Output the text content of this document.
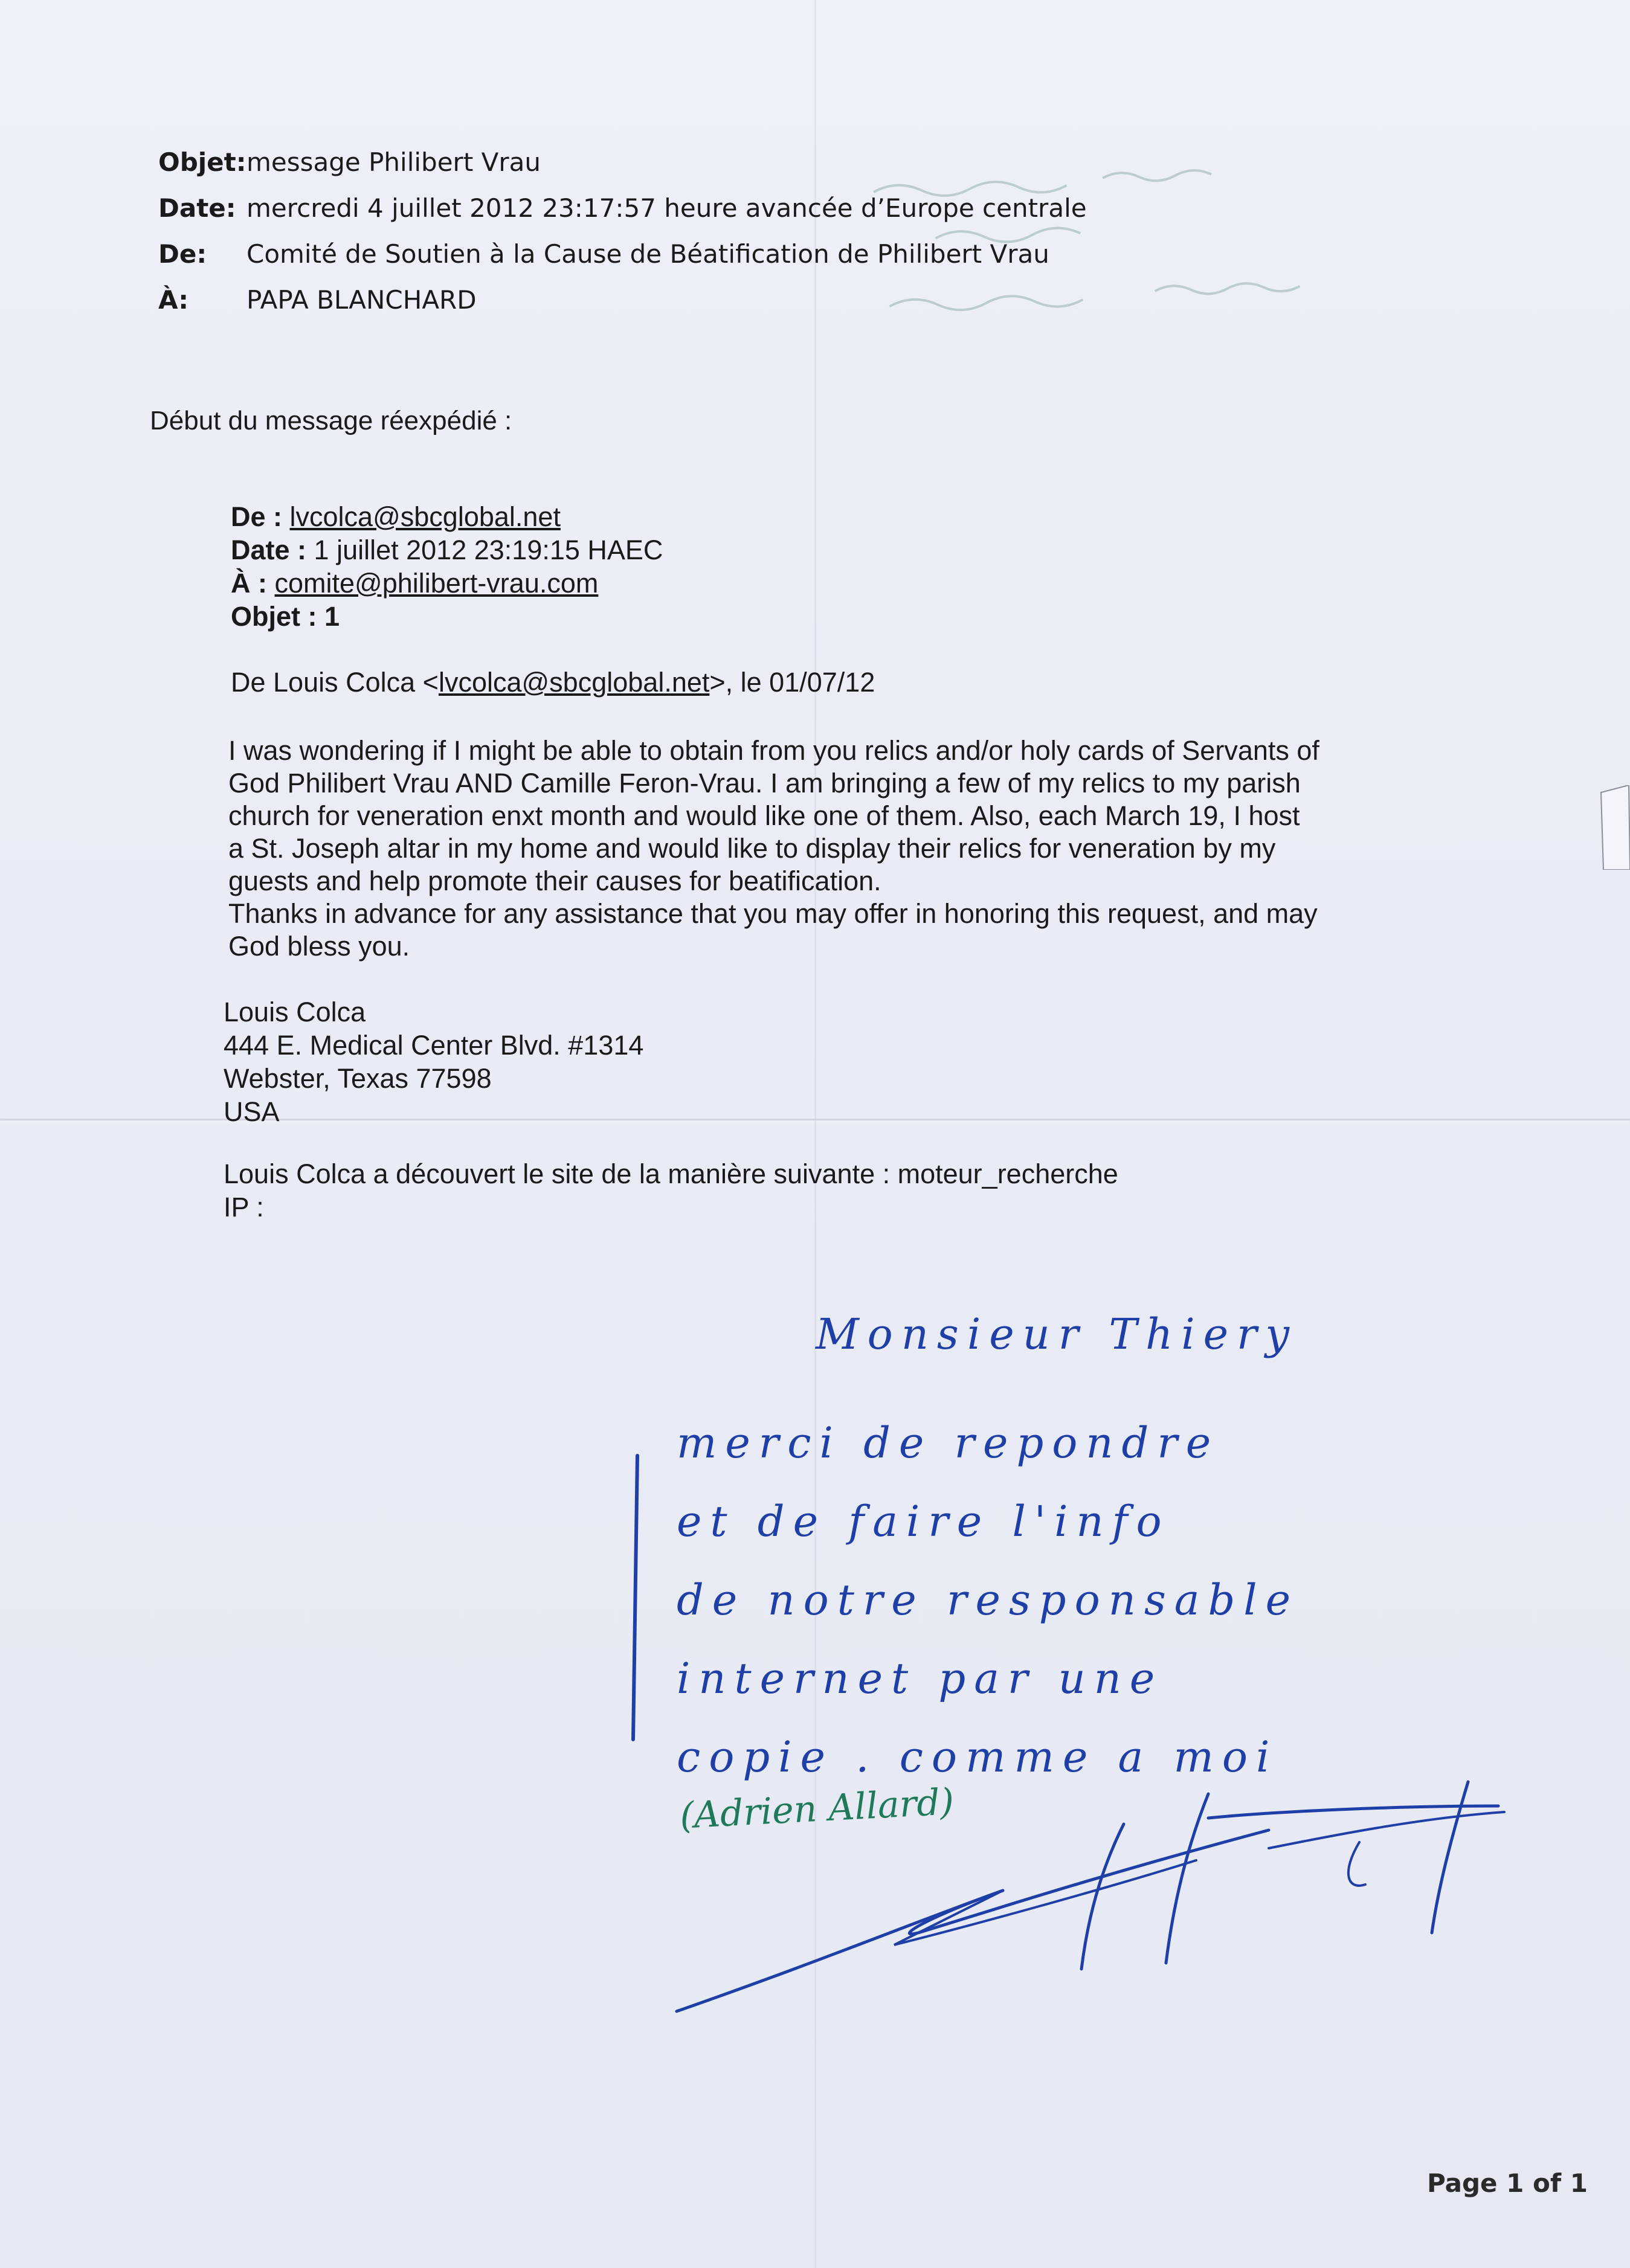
Objet: message Philibert Vrau
Date: mercredi 4 juillet 2012 23:17:57 heure avancée d’Europe centrale
De:	Comité de Soutien à la Cause de Béatification de Philibert Vrau
À:	PAPA BLANCHARD
Début du message réexpédié :
De : lvcolca@sbcglobal.net
Date : 1 juillet 2012 23:19:15 HAEC
À : comite@philibert-vrau.com
Objet : 1
De Louis Colca <lvcolca@sbcglobal.net>, le 01/07/12

I was wondering if I might be able to obtain from you relics and/or holy cards of Servants of

God Philibert Vrau AND Camille Feron-Vrau. I am bringing a few of my relics to my parish

church for veneration enxt month and would like one of them. Also, each March 19, I host

a St. Joseph altar in my home and would like to display their relics for veneration by my

guests and help promote their causes for beatification.

Thanks in advance for any assistance that you may offer in honoring this request, and may

God bless you.

Louis Colca
444 E. Medical Center Blvd. #1314
Webster, Texas 77598
USA
Louis Colca a découvert le site de la manière suivante : moteur_recherche
IP :
Monsieur Thiery
merci de repondre
et de faire l'info
de notre responsable
internet par une
copie . comme a moi
(Adrien Allard)
Page 1 of 1
